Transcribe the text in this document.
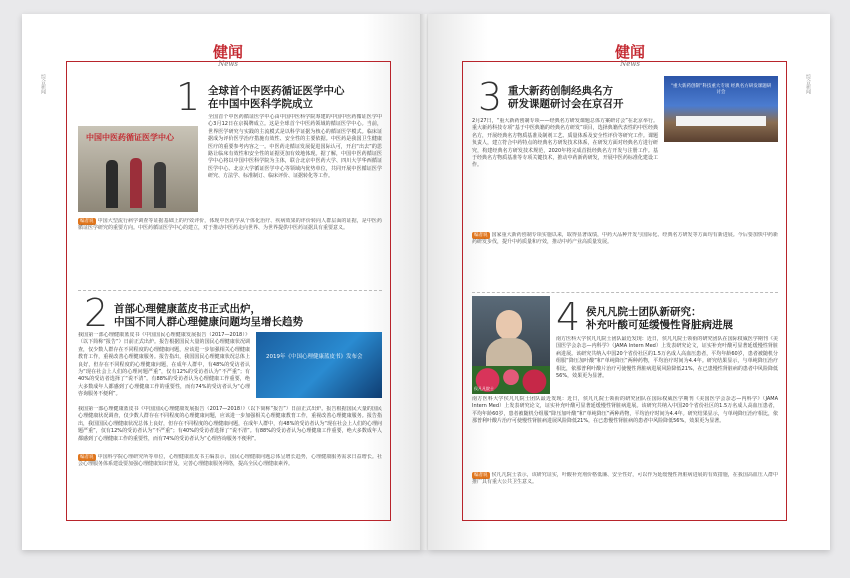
综合新闻
健闻
News
1 全球首个中医药循证医学中心
在中国中医科学院成立
中国中医药循证医学中心
全国首个中医药循证医学中心由中国中医科学院筹建的中国中医药循证医学中心3月12日在京揭牌成立。这是全球首个中医药领域的循证医学中心。当前，世界医学研究与实践的主流模式是以科学证据为核心的循证医学模式。临床证据成为评价医学治疗措施有效性、安全性的主要依据。中医药是我国卫生健康医疗的重要参考内容之一。中医药走循证发展促进国际认可，开启“出去”的思路让临床有效性和安全性的证据更加有效地体现。据了解，中国中医药循证医学中心将以中国中医科学院为主体，联合北京中医药大学、四川大学华西循证医学中心、北京大学循证医学中心等领域内优势单位，共同开展中医循证医学研究、方法学、标准制订、临床评价、证据转化等工作。
编者说 中国大型流行病学调查等证据基础上的疗效评价，体现中医药学从个体化治疗、疾病效果的评价转向人群层面的证据，是中医药循证医学研究的重要方向。中医药循证医学中心的建立，对于推动中医药走向世界、为世界提供中医药证据具有重要意义。
2 首部心理健康蓝皮书正式出炉，
中国不同人群心理健康问题均呈增长趋势
我国第一部心理健康蓝皮书《中国国民心理健康发展报告（2017—2018）》（以下简称“报告”）日前正式出炉。报告根据国民大量的国民心理健康状况调查，仅少数人群存在不同程度的心理健康问题，应该进一步加强相关心理健康教育工作，重视改善心理健康服务。报告指出，我国国民心理健康状况总体上良好，但存在不同程度的心理健康问题，在成年人群中，有48%的受访者认为“现在社会上人们的心理问题严重”，仅有12%的受访者认为“不严重”；有40%的受访者选择了“说不清”。有88%的受访者认为心理健康工作重要，绝大多数成年人都感到了心理健康工作的重要性，而有74%的受访者认为“心理咨询服务不便利”。
2019年《中国心理健康蓝皮书》发布会
我国第一部心理健康蓝皮书《中国国民心理健康发展报告（2017—2018）》（以下简称“报告”）日前正式出炉。报告根据国民大量的国民心理健康状况调查，仅少数人群存在不同程度的心理健康问题，应该进一步加强相关心理健康教育工作，重视改善心理健康服务。报告指出，我国国民心理健康状况总体上良好，但存在不同程度的心理健康问题，在成年人群中，有48%的受访者认为“现在社会上人们的心理问题严重”，仅有12%的受访者认为“不严重”；有40%的受访者选择了“说不清”。有88%的受访者认为心理健康工作重要，绝大多数成年人都感到了心理健康工作的重要性，而有74%的受访者认为“心理咨询服务不便利”。
编者说 中国科学院心理研究所等单位，心理健康蓝皮书主编表示，国民心理健康问题总体呈增长趋势，心理健康服务需求日益增长。社会心理服务体系建设要加强心理健康知识普及，完善心理健康服务网络，提高全民心理健康素养。
综合新闻
健闻
News
3 重大新药创制经典名方
研发课题研讨会在京召开
“重大新药创制”科技重大专项 经典名方研发课题研讨会
2月27日，“重大新药创制专项——经典名方研发课题总体方案研讨会”在北京举行。重大新药科技专项“基于中医典籍的经典名方研发”项目，选择典籍代表性的中医经典名方，开展经典名方物质基准及制剂工艺、质量体系及安全性评价等研究工作。课题负责人，建立符合中药特点的经典名方研发技术体系，在研发方面对经典名方进行研究，构建经典名方研发技术规范，2020年将完成首批经典名方开发与注册工作。基于经典名方物质基准等专项关键技术，推动中药新药研发，开展中医药标准化建设工作。
编者说 国家重大新药创制专项实施以来，取得显著成绩，中药大品种开发与国际化、经典名方研发等方面均有新进展。今后要加快中药新药研发步伐，提升中药质量和疗效，推动中药产业高质量发展。
侯凡凡院士
4 侯凡凡院士团队新研究：
补充叶酸可延缓慢性肾脏病进展
南方医科大学侯凡凡院士团队最近发现：近日，侯凡凡院士领衔的研究团队在国际权威医学期刊《美国医学会杂志—内科学》（JAMA Intern Med）上发表研究论文，证实补充叶酸可显著延缓慢性肾脏病进展。该研究共纳入中国20个省份社区的1.5万名成人高血压患者，平均年龄60岁，患者被随机分组服“降压加叶酸”和“单纯降压”两种药物，平均治疗时间为4.4年。研究结果显示，与单纯降压治疗相比，依那普利叶酸片治疗可使慢性肾脏病进展风险降低21%，在已患慢性肾脏病的患者中风险降低56%，效果更为显著。
南方医科大学侯凡凡院士团队最近发现：近日，侯凡凡院士领衔的研究团队在国际权威医学期刊《美国医学会杂志—内科学》（JAMA Intern Med）上发表研究论文，证实补充叶酸可显著延缓慢性肾脏病进展。该研究共纳入中国20个省份社区的1.5万名成人高血压患者，平均年龄60岁，患者被随机分组服“降压加叶酸”和“单纯降压”两种药物，平均治疗时间为4.4年。研究结果显示，与单纯降压治疗相比，依那普利叶酸片治疗可使慢性肾脏病进展风险降低21%，在已患慢性肾脏病的患者中风险降低56%，效果更为显著。
编者说 侯凡凡院士表示，该研究证实，叶酸补充剂价格低廉、安全性好，可以作为延缓慢性肾脏病进展的有效措施，在我国高血压人群中推广具有重大公共卫生意义。
